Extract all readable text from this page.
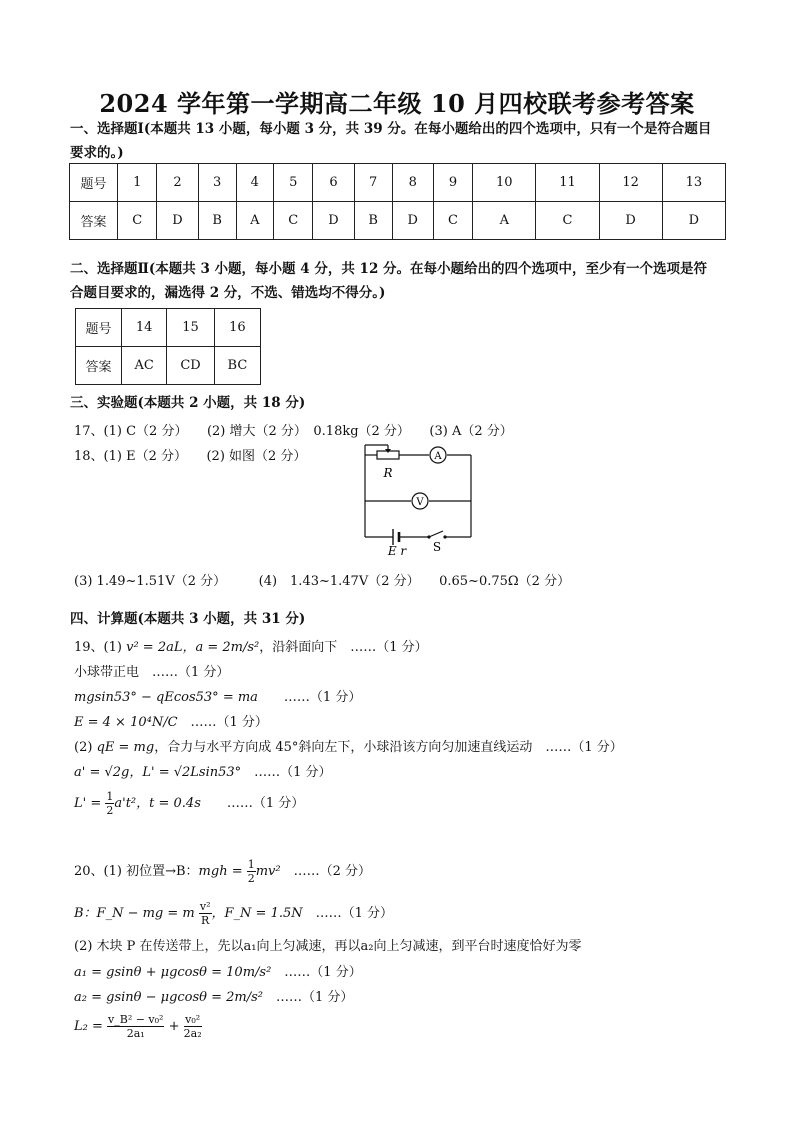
2024 学年第一学期高二年级 10 月四校联考参考答案
一、选择题Ⅰ(本题共 13 小题，每小题 3 分，共 39 分。在每小题给出的四个选项中，只有一个是符合题目
要求的。)
题号	1	2	3	4	5	6	7	8	9	10	11	12	13
答案	C	D	B	A	C	D	B	D	C	A	C	D	D
二、选择题Ⅱ(本题共 3 小题，每小题 4 分，共 12 分。在每小题给出的四个选项中，至少有一个选项是符
合题目要求的，漏选得 2 分，不选、错选均不得分。)
题号	14	15	16
答案	AC	CD	BC
三、实验题(本题共 2 小题，共 18 分)
17、(1) C（2 分）　　(2) 增大（2 分）　0.18kg（2 分）　　(3) A（2 分）
18、(1) E（2 分）　　(2) 如图（2 分）
R
A
V
E r S
(3) 1.49~1.51V（2 分）　　　(4)　1.43~1.47V（2 分）　　0.65~0.75Ω（2 分）
四、计算题(本题共 3 小题，共 31 分)
19、(1) v² = 2aL，a = 2m/s²，沿斜面向下　……（1 分）
小球带正电　……（1 分）
mgsin53° − qEcos53° = ma　　……（1 分）
E = 4 × 10⁴N/C　……（1 分）
(2) qE = mg，合力与水平方向成 45°斜向左下，小球沿该方向匀加速直线运动　……（1 分）
a' = √2g，L' = √2Lsin53°　……（1 分）
$L' = \frac{1}{2} a't^2$，t = 0.4s　　……（1 分）
20、(1) 初位置→B：mgh = $\frac{1}{2} mv^2$　……（2 分）
B：F_N − mg = m $\frac{\text{v²}}{R}$ ，F_N = 1.5N　……（1 分）
(2) 木块 P 在传送带上，先以a₁向上匀减速，再以a₂向上匀减速，到平台时速度恰好为零
a₁ = gsinθ + μgcosθ = 10m/s²　……（1 分）
a₂ = gsinθ − μgcosθ = 2m/s²　……（1 分）
$L_2 = \frac{\text{v\_B² − v₀²}}{\text{2a₁}} + \frac{\text{v₀²}}{\text{2a₂}}$
